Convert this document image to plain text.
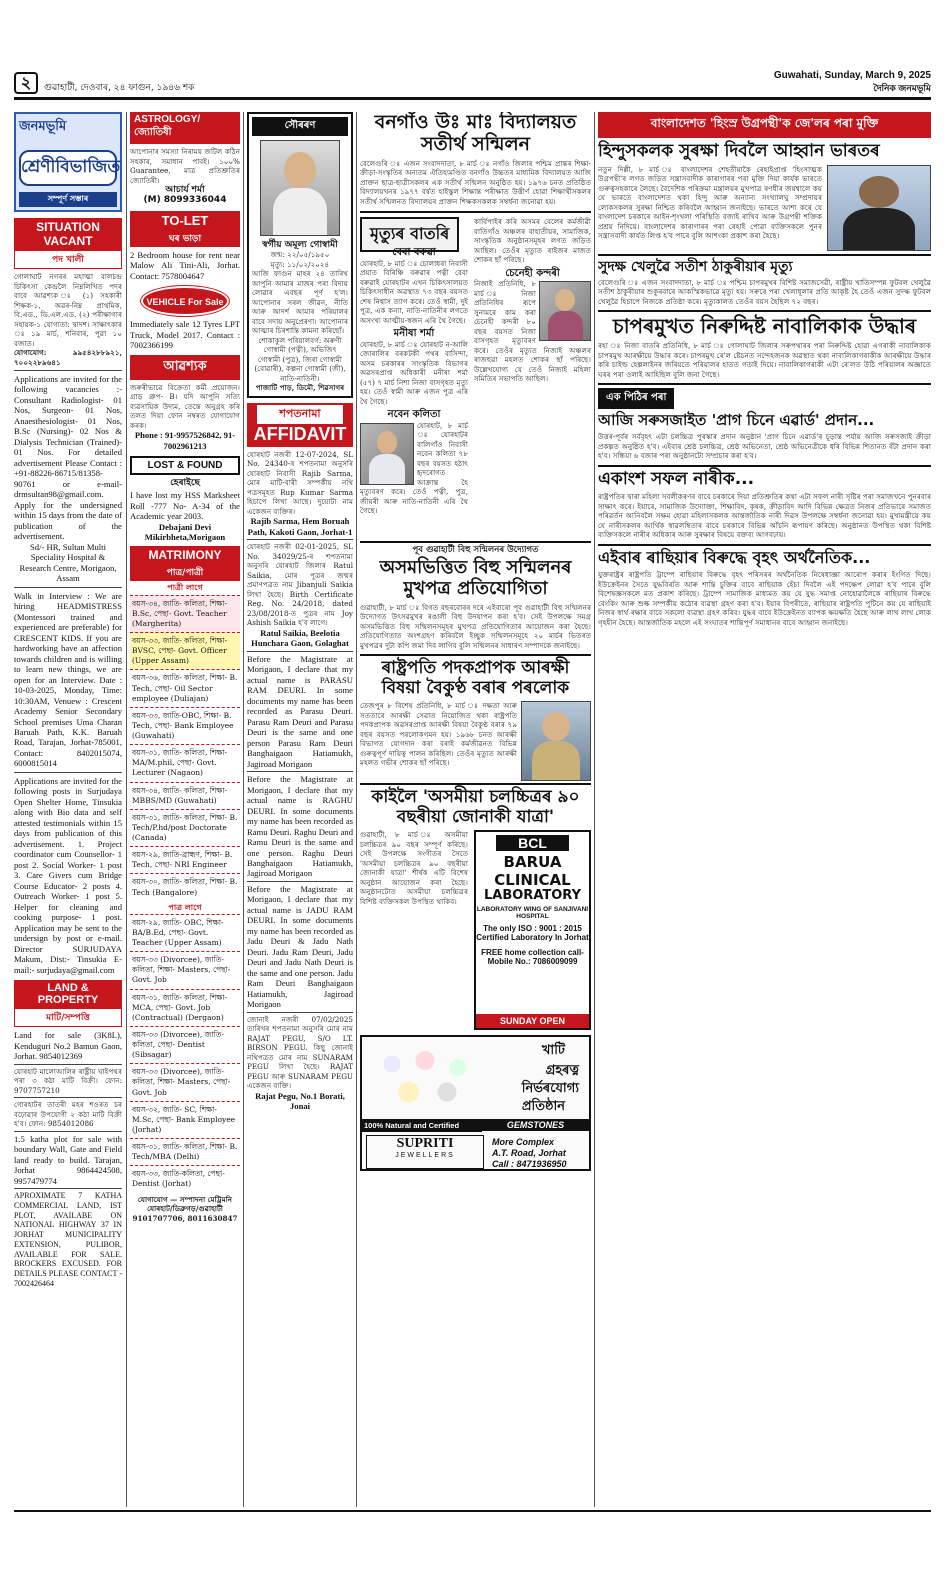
২	গুৱাহাটী, দেওবাৰ, ২৪ ফাগুন, ১৯৪৬ শক
Guwahati, Sunday, March 9, 2025
দৈনিক জনমভূমি
জনমভূমি
শ্ৰেণীবিভাজিত
সম্পূৰ্ণ সম্ভাৰ
SITUATION VACANT
পদ খালী
গোলাঘাট নগৰৰ মহাত্মা বালচন্দ্ৰ চিকিৎসা কেন্দ্ৰলৈ নিম্নলিখিত পদৰ বাবে আৱশ্যক ঃ (১) সহকাৰী শিক্ষক-১, অৱৰ-নিম্ন প্ৰাথমিক, বি.এড., ডি.এল.এড. (২) পৰীক্ষাগাৰ সহায়ক-১ যোগ্যতা: দ্বাদশ। সাক্ষাৎকাৰ ঃ ১৯ মাৰ্চ, শনিবাৰ, পুৱা ১০ বজাত।
যোগাযোগ: ৯৯৫৪২৮৮৯২১, ৭০০২২৮৯৬৪১
Applications are invited for the following vacancies :- Consultant Radiologist- 01 Nos, Surgeon- 01 Nos, Anaesthesiologist- 01 Nos, B.Sc (Nursing)- 02 Nos & Dialysis Technician (Trained)- 01 Nos. For detailed advertisement Please Contact : +91-88226-86715/81358-90761 or e-mail- drmsultan98@gmail.com. Apply for the undersigned within 15 days from the date of publication of the advertisement.
Sd/- HR, Sultan Multi Speciality Hospital & Research Centre, Morigaon, Assam
Walk in Interview : We are hiring HEADMISTRESS (Montessori trained and experienced are preferable) for CRESCENT KIDS. If you are hardworking have an affection towards children and is willing to learn new things, we are open for an Interview. Date : 10-03-2025, Monday, Time: 10:30AM, Venuew : Crescent Academy Senior Secondary School premises Uma Charan Baruah Path, K.K. Baruah Road, Tarajan, Jorhat-785001, Contact: 8402015074, 6000815014
Applications are invited for the following posts in Surjudaya Open Shelter Home, Tinsukia along with Bio data and self attested testimonials within 15 days from publication of this advertisement. 1. Project coordinator cum Counsellor- 1 post 2. Social Worker- 1 post 3. Care Givers cum Bridge Course Educator- 2 posts 4. Outreach Worker- 1 post 5. Helper for cleaning and cooking purpose- 1 post. Application may be sent to the undersign by post or e-mail. Director SURJUDAYA Makum, Dist:- Tinsukia E-mail:- surjudaya@gmail.com
LAND & PROPERTY
মাটি/সম্পত্তি
Land for sale (3K8L), Kenduguri No.2 Bamun Gaon, Jorhat. 9854012369
যোৰহাট মালোআলিৰ ৰাষ্ট্ৰীয় ঘাইপথৰ পৰা ৩ কঠা মাটি বিক্ৰী। ফোন: 9707757210
গোৰহাটৰ তাতৰী মহৰ শওৰত চৰ বঢ়োৱাৰ উপযোগী ২ কঠা মাটি বিক্ৰী হ'ব। ফোন: 9854012086
1.5 katha plot for sale with boundary Wall, Gate and Field land ready to build. Tarajan, Jorhat 9864424508, 9957479774
APROXIMATE 7 KATHA COMMERCIAL LAND, IST PLOT, AVAILABE ON NATIONAL HIGHWAY 37 IN JORHAT MUNICIPALITY EXTENSION, PULIBOR, AVAILABLE FOR SALE. BROCKERS EXCUSED. FOR DETAILS PLEASE CONTACT - 7002426464
ASTROLOGY/জ্যোতিষী
আপোনাৰ সমস্যা নিৰাময় জটিল কঠিন সহকাৰ, সমাধান পাবই। ১০০% Guarantee, মাত্ৰ প্ৰতিশ্ৰুতিৰ জ্যোতিষী।
আচাৰ্য শৰ্মা
(M) 8099336044
TO-LET
ঘৰ ভাড়া
2 Bedroom house for rent near Malow Ali Tini-Ali, Jorhat. Contact: 7578004647
VEHICLE For Sale
Immediately sale 12 Tyres LPT Truck, Model 2017. Contact : 7002366199
আৱশ্যক
জৰুৰীভাৱে বিক্ৰেতা কৰ্মী প্ৰয়োজন। গ্ৰাড় গ্ৰুপ- B। যদি আপুনি সত্যি ব্যৱসায়িক উদ্যম, তেন্তে অনুগ্ৰহ কৰি তলত দিয়া ফোন নম্বৰত যোগাযোগ কৰক।
Phone : 91-9957526842, 91-7002961213
LOST & FOUND
হেৰাইছে
I have lost my HSS Marksheet Roll -777 No- A-34 of the Academic year 2003.
Debajani Devi Mikirbheta,Morigaon
MATRIMONY
পাত্ৰ/পাত্ৰী
পাত্ৰী লাগে
বয়স-৩৪, জাতি- কলিতা, শিক্ষা- B.Sc, পেছা- Govt. Teacher (Margherita)
বয়স-৩৩, জাতি- কলিতা, শিক্ষা- BVSC, পেছা- Govt. Officer (Upper Assam)
বয়স-৩৬, জাতি- কলিতা, শিক্ষা- B. Tech, পেছা- Oil Sector employee (Duliajan)
বয়স-৩৩, জাতি-OBC, শিক্ষা- B. Tech, পেছা- Bank Employee (Guwahati)
বয়স-৩১, জাতি- কলিতা, শিক্ষা- MA/M.phil, পেছা- Govt. Lecturer (Nagaon)
বয়স-৩৪, জাতি- কলিতা, শিক্ষা- MBBS/MD (Guwahati)
বয়স-৩১, জাতি- কলিতা, শিক্ষা- B. Tech/P.hd/post Doctorate (Canada)
বয়স-২৯, জাতি-ব্ৰাহ্মণ, শিক্ষা- B. Tech, পেছা- NRI Engineer
বয়স-৩০, জাতি- কলিতা, শিক্ষা- B. Tech (Bangalore)
পাত্ৰ লাগে
বয়স-২৯, জাতি- OBC, শিক্ষা- BA/B.Ed, পেছা- Govt. Teacher (Upper Assam)
বয়স-৩৩ (Divorcee), জাতি- কলিতা, শিক্ষা- Masters, পেছা- Govt. Job
বয়স-৩১, জাতি- কলিতা, শিক্ষা- MCA, পেছা- Govt. Job (Contractual) (Dergaon)
বয়স-৩৩ (Divorcee), জাতি- কলিতা, পেছা- Dentist (Sibsagar)
বয়স-৩৩ (Divorcee), জাতি- কলিতা, শিক্ষা- Masters, পেছা- Govt. Job
বয়স-৩২, জাতি- SC, শিক্ষা- M.Sc, পেছা- Bank Employee (Jorhat)
বয়স-৩১, জাতি- কলিতা, শিক্ষা- B. Tech/MBA (Delhi)
বয়স-৩৩, জাতি-কলিতা, পেছা- Dentist (Jorhat)
যোগাযোগ — সম্পাদনা মেট্ৰিমনি যোৰহাট/ডিব্ৰুগড়/গুৱাহাটী 9101707706, 8011630847
সৌৰৰণ
স্বৰ্গীয় অমূল্য গোস্বামী
জন্ম: ২২/০৫/১৯৫০
মৃত্যু: ১১/০২/২০২৪
আজি ফাগুন মাহৰ ২৪ তাৰিখ আপুনি আমাৰ মাজৰ পৰা বিদায় লোৱাৰ এবছৰ পূৰ্ণ হ'ল। আপোনাৰ সৰল জীৱন, নীতি আৰু আদৰ্শ আমাৰ পৰিয়ালৰ বাবে সদায় অনুপ্ৰেৰণা। আপোনাৰ আত্মাৰ চিৰশান্তি কামনা কৰিছোঁ।
শোকাকুল পৰিয়ালবৰ্গ: অৰুণী গোস্বামী (পত্নী), অভিজিৎ গোস্বামী (পুত্ৰ), জিৰা গোস্বামী (বোৱাৰী), কল্পনা গোস্বামী (জী), নাতি-নাতিনী।
পাজাটি পাড়, ডিমৌ, শিৱসাগৰ
শপতনামা
AFFIDAVIT
যোৰহাট নজৰী 12-07-2024, SL No. 24340-ৰ শপতনামা অনুসৰি যোৰহাট নিবাসী Rajib Sarma, মোৰ মাটি-বাৰী সম্পৰ্কীয় নথি পত্ৰসমূহত Rup Kumar Sarma হিচাপে লিখা আছে। দুয়োটা নাম একেজন ব্যক্তিৰ।
Rajib Sarma, Hem Boruah Path, Kakoti Gaon, Jorhat-1
যোৰহাট নজৰী 02-01-2025, SL No. 34029/25-ৰ শপতনামা অনুসৰি যোৰহাট জিলাৰ Ratul Saikia, মোৰ পুত্ৰৰ জন্মৰ প্ৰমাণপত্ৰত নাম Jibanjuli Saikia লিখা হৈছে। Birth Certificate Reg. No. 24/2018, dated 23/08/2018-ত পুত্ৰৰ নাম Joy Ashish Saikia হ'ব লাগে।
Ratul Saikia, Beelotia Hunchara Gaon, Golaghat
Before the Magistrate at Morigaon, I declare that my actual name is PARASU RAM DEURI. In some documents my name has been recorded as Parasu Deuri. Parasu Ram Deuri and Parasu Deuri is the same and one person Parasu Ram Deuri Banghaigaon Hatiamukh, Jagiroad Morigaon
Before the Magistrate at Morigaon, I declare that my actual name is RAGHU DEURI. In some documents my name has been recorded as Ramu Deuri. Raghu Deuri and Ramu Deuri is the same and one person. Raghu Deuri Banghaigaon Hatiamukh, Jagiroad Morigaon
Before the Magistrate at Morigaon, I declare that my actual name is JADU RAM DEURI. In some documents my name has been recorded as Jadu Deuri & Jadu Nath Deuri. Jadu Ram Deuri, Jadu Deuri and Jadu Nath Deuri is the same and one person. Jadu Ram Deuri Banghaigaon Hatiamukh, Jagiroad Morigaon
জোনাই নজৰী 07/02/2025 তাৰিখৰ শপতনামা অনুসৰি মোৰ নাম RAJAT PEGU, S/O LT. BIRSON PEGU. কিছু জোনাই নথিপত্ৰত মোৰ নাম SUNARAM PEGU লিখা হৈছে। RAJAT PEGU আৰু SUNARAM PEGU একেজন ব্যক্তি।
Rajat Pegu, No.1 Borati, Jonai
বনগাঁও উঃ মাঃ বিদ্যালয়ত সতীৰ্থ সন্মিলন
বেলেগুৰি ঃ এজন সংবাদদাতা, ৮ মাৰ্চ ঃ নগাঁও জিলাৰ পশ্চিম প্ৰান্তৰ শিক্ষা-ক্ৰীড়া-সংস্কৃতিৰ অন্যতম ঐতিহ্যমণ্ডিত বনগাঁও উচ্চতৰ মাধ্যমিক বিদ্যালয়ত আজি প্ৰাক্তন ছাত্ৰ-ছাত্ৰীসকলৰ এক সতীৰ্থ সন্মিলন অনুষ্ঠিত হয়। ১৯৭৬ চনত প্ৰতিষ্ঠিত বিদ্যালয়খনৰ ১৯৭৭ বৰ্ষত হাইস্কুল শিক্ষান্ত পৰীক্ষাত উত্তীৰ্ণ হোৱা শিক্ষাৰ্থীসকলৰ সতীৰ্থ সন্মিলনত বিদ্যালয়ৰ প্ৰাক্তন শিক্ষকসকলক সম্বৰ্ধনা জনোৱা হয়।
মৃত্যুৰ বাতৰি
বেবা বৰুৱা
যোৰহাট, ৮ মাৰ্চ ঃ চোলাধৰা নিবাসী প্ৰয়াত বিৰিঞ্চি বৰুৱাৰ পত্নী বেবা বৰুৱাই যোৰহাটৰ এখন চিকিৎসালয়ত চিকিৎসাধীন অৱস্থাত ৭৩ বছৰ বয়সত শেষ নিশ্বাস ত্যাগ কৰে। তেওঁ স্বামী, দুই পুত্ৰ, এক কন্যা, নাতি-নাতিনীৰ লগতে অসংখ্য আত্মীয়-স্বজন এৰি থৈ গৈছে।
মনীষা শৰ্মা
যোৰহাট, ৮ মাৰ্চ ঃ যোৰহাট ন-আলি জোৰালিৰ বৰকটকী পথৰ বাসিন্দা, অসম চৰকাৰৰ সাংস্কৃতিক বিভাগৰ অৱসৰপ্ৰাপ্ত অধিকাৰী মনীষা শৰ্মা (৫৭) ৭ মাৰ্চ নিশা নিজা বাসগৃহত মৃত্যু হয়। তেওঁ স্বামী আৰু এজন পুত্ৰ এৰি থৈ গৈছে।
নবেন কলিতা
যোৰহাট, ৮ মাৰ্চ ঃ যোৰহাটৰ বালিগাঁও নিবাসী নবেন কলিতা ৭৮ বছৰ বয়সত হঠাৎ হৃদৰোগত আক্ৰান্ত হৈ মৃত্যুবৰণ কৰে। তেওঁ পত্নী, পুত্ৰ, জীয়ৰী আৰু নাতি-নাতিনী এৰি থৈ গৈছে।
কাৰ্বিপাইৰ কৰি অসমৰ বেলেৰ কৰ্মজীৱী বাতিগাঁও অঞ্চলৰ বাহাতীয়ৰ, সামাজিক, সাংস্কৃতিক অনুষ্ঠানসমূহৰ লগত জড়িত আছিল। তেওঁৰ মৃত্যুত ৰাইজৰ মাজত শোকৰ ছাঁ পৰিছে।
চেনেহী কন্দৰী
নিজাই প্ৰতিনিধি, ৮ মাৰ্চ ঃ নিজা প্ৰতিনিধিৰ ৰূপে সুনামৰে কাম কৰা চেনেহী কন্দৰী ৮০ বছৰ বয়সত নিজা বাসগৃহত মৃত্যুবৰণ কৰে। তেওঁৰ মৃত্যুত নিজাই অঞ্চলৰ ৰাজহুৱা মহলত শোকৰ ছাঁ পৰিছে। উল্লেখযোগ্য যে তেওঁ নিজাই মহিলা সমিতিৰ সভাপতি আছিল।
পূব গুৱাহাটী বিহু সন্মিলনৰ উদ্যোগত
অসমভিত্তিত বিহু সন্মিলনৰ মুখপত্ৰ প্ৰতিযোগিতা
গুৱাহাটী, ৮ মাৰ্চ ঃ বিগত বছৰবোৰৰ দৰে এইবাৰো পূব গুৱাহাটী বিহু সন্মিলনৰ উদ্যোগত উৎসৱমুখৰ ৰঙালী বিহু উদযাপন কৰা হ'ব। সেই উপলক্ষে সমগ্ৰ অসমভিত্তিত বিহু সন্মিলনসমূহৰ মুখপত্ৰ প্ৰতিযোগিতাৰ আয়োজন কৰা হৈছে। প্ৰতিযোগিতাত অংশগ্ৰহণ কৰিবলৈ ইচ্ছুক সন্মিলনসমূহে ২০ মাৰ্চৰ ভিতৰত মুখপত্ৰৰ দুটা কপি জমা দিব লাগিব বুলি সন্মিলনৰ সাধাৰণ সম্পাদকে জনাইছে।
ৰাষ্ট্ৰপতি পদকপ্ৰাপক আৰক্ষী বিষয়া বৈকুণ্ঠ বৰাৰ পৰলোক
তেজপুৰ ৮ বিশেষ প্ৰতিনিধি, ৮ মাৰ্চ ঃ দক্ষতা আৰু সততাৰে আৰক্ষী সেৱাত নিয়োজিত থকা ৰাষ্ট্ৰপতি পদকপ্ৰাপক অৱসৰপ্ৰাপ্ত আৰক্ষী বিষয়া বৈকুণ্ঠ বৰাৰ ৭৯ বছৰ বয়সত পৰলোকগমন হয়। ১৯৬৮ চনত আৰক্ষী বিভাগত যোগদান কৰা বৰাই কৰ্মজীৱনত বিভিন্ন গুৰুত্বপূৰ্ণ দায়িত্ব পালন কৰিছিল। তেওঁৰ মৃত্যুত আৰক্ষী মহলত গভীৰ শোকৰ ছাঁ পৰিছে।
কাইলৈ 'অসমীয়া চলচ্চিত্ৰৰ ৯০ বছৰীয়া জোনাকী যাত্ৰা'
গুৱাহাটী, ৮ মাৰ্চ ঃ অসমীয়া চলচ্চিত্ৰৰ ৯০ বছৰ সম্পূৰ্ণ কৰিছে। সেই উপলক্ষে সংগীতৰ সৈতে 'অসমীয়া চলচ্চিত্ৰৰ ৯০ বছৰীয়া জোনাকী যাত্ৰা' শীৰ্ষক এটি বিশেষ অনুষ্ঠান আয়োজন কৰা হৈছে। অনুষ্ঠানটোত অসমীয়া চলচ্চিত্ৰৰ বিশিষ্ট ব্যক্তিসকল উপস্থিত থাকিব।
BCL
BARUA
CLINICAL
LABORATORY
LABORATORY WING OF SANJIVANI HOSPITAL
The only ISO : 9001 : 2015 Certified Laboratory In Jorhat
FREE home collection call- Mobile No.: 7086009099
SUNDAY OPEN
খাটি
গ্ৰহৰত্ন
নিৰ্ভৰযোগ্য
প্ৰতিষ্ঠান
100% Natural and Certified	GEMSTONES
SUPRITI
JEWELLERS
More Complex
A.T. Road, Jorhat
Call : 8471936950
বাংলাদেশত 'হিংস্ৰ উগ্ৰপন্থী'ক জে'লৰ পৰা মুক্তি
হিন্দুসকলক সুৰক্ষা দিবলৈ আহ্বান ভাৰতৰ
নতুন দিল্লী, ৮ মাৰ্চ ঃ বাংলাদেশৰ শেহতীয়াকৈ ৰেহাইপ্ৰাপ্ত 'হিংসাত্মক উগ্ৰপন্থী'ৰ লগত জড়িত সন্ত্ৰাসবাদীক কাৰাগাৰৰ পৰা মুক্তি দিয়া কাৰ্যক ভাৰতে গুৰুত্বসহকাৰে লৈছে। বৈদেশিক পৰিক্ৰমা মন্ত্ৰালয়ৰ মুখপাত্ৰ ৰণধীৰ জয়শ্বালে কয় যে ভাৰতে বাংলাদেশত থকা হিন্দু আৰু অন্যান্য সংখ্যালঘু সম্প্ৰদায়ৰ লোকসকলৰ সুৰক্ষা নিশ্চিত কৰিবলৈ আহ্বান জনাইছে। ভাৰতে আশা কৰে যে বাংলাদেশ চৰকাৰে আইন-শৃংখলা পৰিস্থিতি বজাই ৰাখিব আৰু উগ্ৰপন্থী শক্তিক প্ৰশ্ৰয় নিদিয়ে। বাংলাদেশৰ কাৰাগাৰৰ পৰা ৰেহাই পোৱা ব্যক্তিসকলে পুনৰ সন্ত্ৰাসবাদী কাৰ্যত লিপ্ত হ'ব পাৰে বুলি আশংকা প্ৰকাশ কৰা হৈছে।
সুদক্ষ খেলুৱৈ সতীশ ঠাকুৰীয়াৰ মৃত্যু
বেলেগুৰি ঃ এজন সংবাদদাতা, ৮ মাৰ্চ ঃ পশ্চিম চাপৰমুখৰ বিশিষ্ট সমাজসেৱী, ৰাষ্ট্ৰীয় খাতিসম্পন্ন ফুটবল খেলুৱৈ সতীশ ঠাকুৰীয়াৰ শুকুৰবাৰে আকস্মিকভাৱে মৃত্যু হয়। সৰুৰে পৰা খেলাধূলাৰ প্ৰতি আকৃষ্ট হৈ তেওঁ এজন সুদক্ষ ফুটবল খেলুৱৈ হিচাপে নিজকে প্ৰতিষ্ঠা কৰে। মৃত্যুকালত তেওঁৰ বয়স হৈছিল ৭২ বছৰ।
চাপৰমুখত নিৰুদ্দিষ্ট নাবালিকাক উদ্ধাৰ
ৰহা ঃ নিজা বাতৰি প্ৰতিনিধি, ৮ মাৰ্চ ঃ গোলাঘাট জিলাৰ সৰুপথাৰৰ পৰা নিৰুদ্দিষ্ট হোৱা এগৰাকী নাবালিকাক চাপৰমুখ আৰক্ষীয়ে উদ্ধাৰ কৰে। চাপৰমুখ ৰে'ল ষ্টেচনত সন্দেহজনক অৱস্থাত থকা নাবালিকাগৰাকীক আৰক্ষীয়ে উদ্ধাৰ কৰি চাইল্ড হেল্পলাইনৰ জৰিয়তে পৰিয়ালৰ হাতত গতাই দিয়ে। নাবালিকাগৰাকী এটা ৰে'লত উঠি পৰিয়ালৰ অজ্ঞাতে ঘৰৰ পৰা ওলাই আহিছিল বুলি জনা গৈছে।
এক পিঠিৰ পৰা
আজি সৰুসজাইত 'প্ৰাগ চিনে এৱাৰ্ড' প্ৰদান...
উত্তৰ-পূৰ্বৰ সৰ্ববৃহৎ এটা চলচ্চিত্ৰ পুৰস্কাৰ প্ৰদান অনুষ্ঠান 'প্ৰাগ চিনে এৱাৰ্ড'ৰ চূড়ান্ত পৰ্যায় আজি সৰুসজাই ক্ৰীড়া প্ৰকল্পত অনুষ্ঠিত হ'ব। এইবাৰ শ্ৰেষ্ঠ চলচ্চিত্ৰ, শ্ৰেষ্ঠ অভিনেতা, শ্ৰেষ্ঠ অভিনেত্ৰীকে ধৰি বিভিন্ন শিতানত বঁটা প্ৰদান কৰা হ'ব। সন্ধিয়া ৬ বজাৰ পৰা অনুষ্ঠানটো সম্প্ৰচাৰ কৰা হ'ব।
একাংশ সফল নাৰীক...
ৰাষ্ট্ৰপতিৰ দ্বাৰা মহিলা সবলীকৰণৰ বাবে চৰকাৰে দিয়া প্ৰতিশ্ৰুতিৰ কথা এটা সফল নাৰী সৃষ্টিৰ পৰা সমাজখনে পুনৰবাৰ সাক্ষাৎ কৰে। ইয়াৰে, সামাজিক উদ্যোক্তা, শিক্ষাবিদ, কৃষক, ক্ৰীড়াবিদ আদি বিভিন্ন ক্ষেত্ৰত নিজৰ প্ৰতিভাৰে সমাজত পৰিৱৰ্তন আনিবলৈ সক্ষম হোৱা মহিলাসকলক আন্তৰ্জাতিক নাৰী দিৱস উপলক্ষে সম্বৰ্ধনা জনোৱা হয়। মুখ্যমন্ত্ৰীয়ে কয় যে নাৰীসকলৰ আৰ্থিক স্বাৱলম্বিতাৰ বাবে চৰকাৰে বিভিন্ন আঁচনি ৰূপায়ণ কৰিছে। অনুষ্ঠানত উপস্থিত থকা বিশিষ্ট ব্যক্তিসকলে নাৰীৰ অধিকাৰ আৰু সুৰক্ষাৰ বিষয়ে বক্তব্য আগবঢ়ায়।
এইবাৰ ৰাছিয়াৰ বিৰুদ্ধে বৃহৎ অৰ্থনৈতিক...
যুক্তৰাষ্ট্ৰৰ ৰাষ্ট্ৰপতি ট্ৰাম্পে ৰাছিয়াৰ বিৰুদ্ধে বৃহৎ পৰিসৰৰ অৰ্থনৈতিক নিষেধাজ্ঞা আৰোপ কৰাৰ ইংগিত দিছে। ইউক্ৰেইনৰ সৈতে যুদ্ধবিৰতি আৰু শান্তি চুক্তিৰ বাবে ৰাছিয়াক হেঁচা দিবলৈ এই পদক্ষেপ লোৱা হ'ব পাৰে বুলি বিশেষজ্ঞসকলে মত প্ৰকাশ কৰিছে। ট্ৰাম্পে সামাজিক মাধ্যমত কয় যে যুদ্ধ সমাপ্ত নোহোৱালৈকে ৰাছিয়াৰ বিৰুদ্ধে বেংকিং আৰু শুল্ক সম্পৰ্কীয় কঠোৰ ব্যৱস্থা গ্ৰহণ কৰা হ'ব। ইয়াৰ বিপৰীতে, ৰাছিয়াৰ ৰাষ্ট্ৰপতি পুটিনে কয় যে ৰাছিয়াই নিজৰ স্বাৰ্থ ৰক্ষাৰ বাবে সকলো ব্যৱস্থা গ্ৰহণ কৰিব। যুদ্ধৰ বাবে ইউক্ৰেইনত ব্যাপক ক্ষয়ক্ষতি হৈছে আৰু লাখ লাখ লোক গৃহহীন হৈছে। আন্তৰ্জাতিক মহলে এই সংঘাতৰ শান্তিপূৰ্ণ সমাধানৰ বাবে আহ্বান জনাইছে।
